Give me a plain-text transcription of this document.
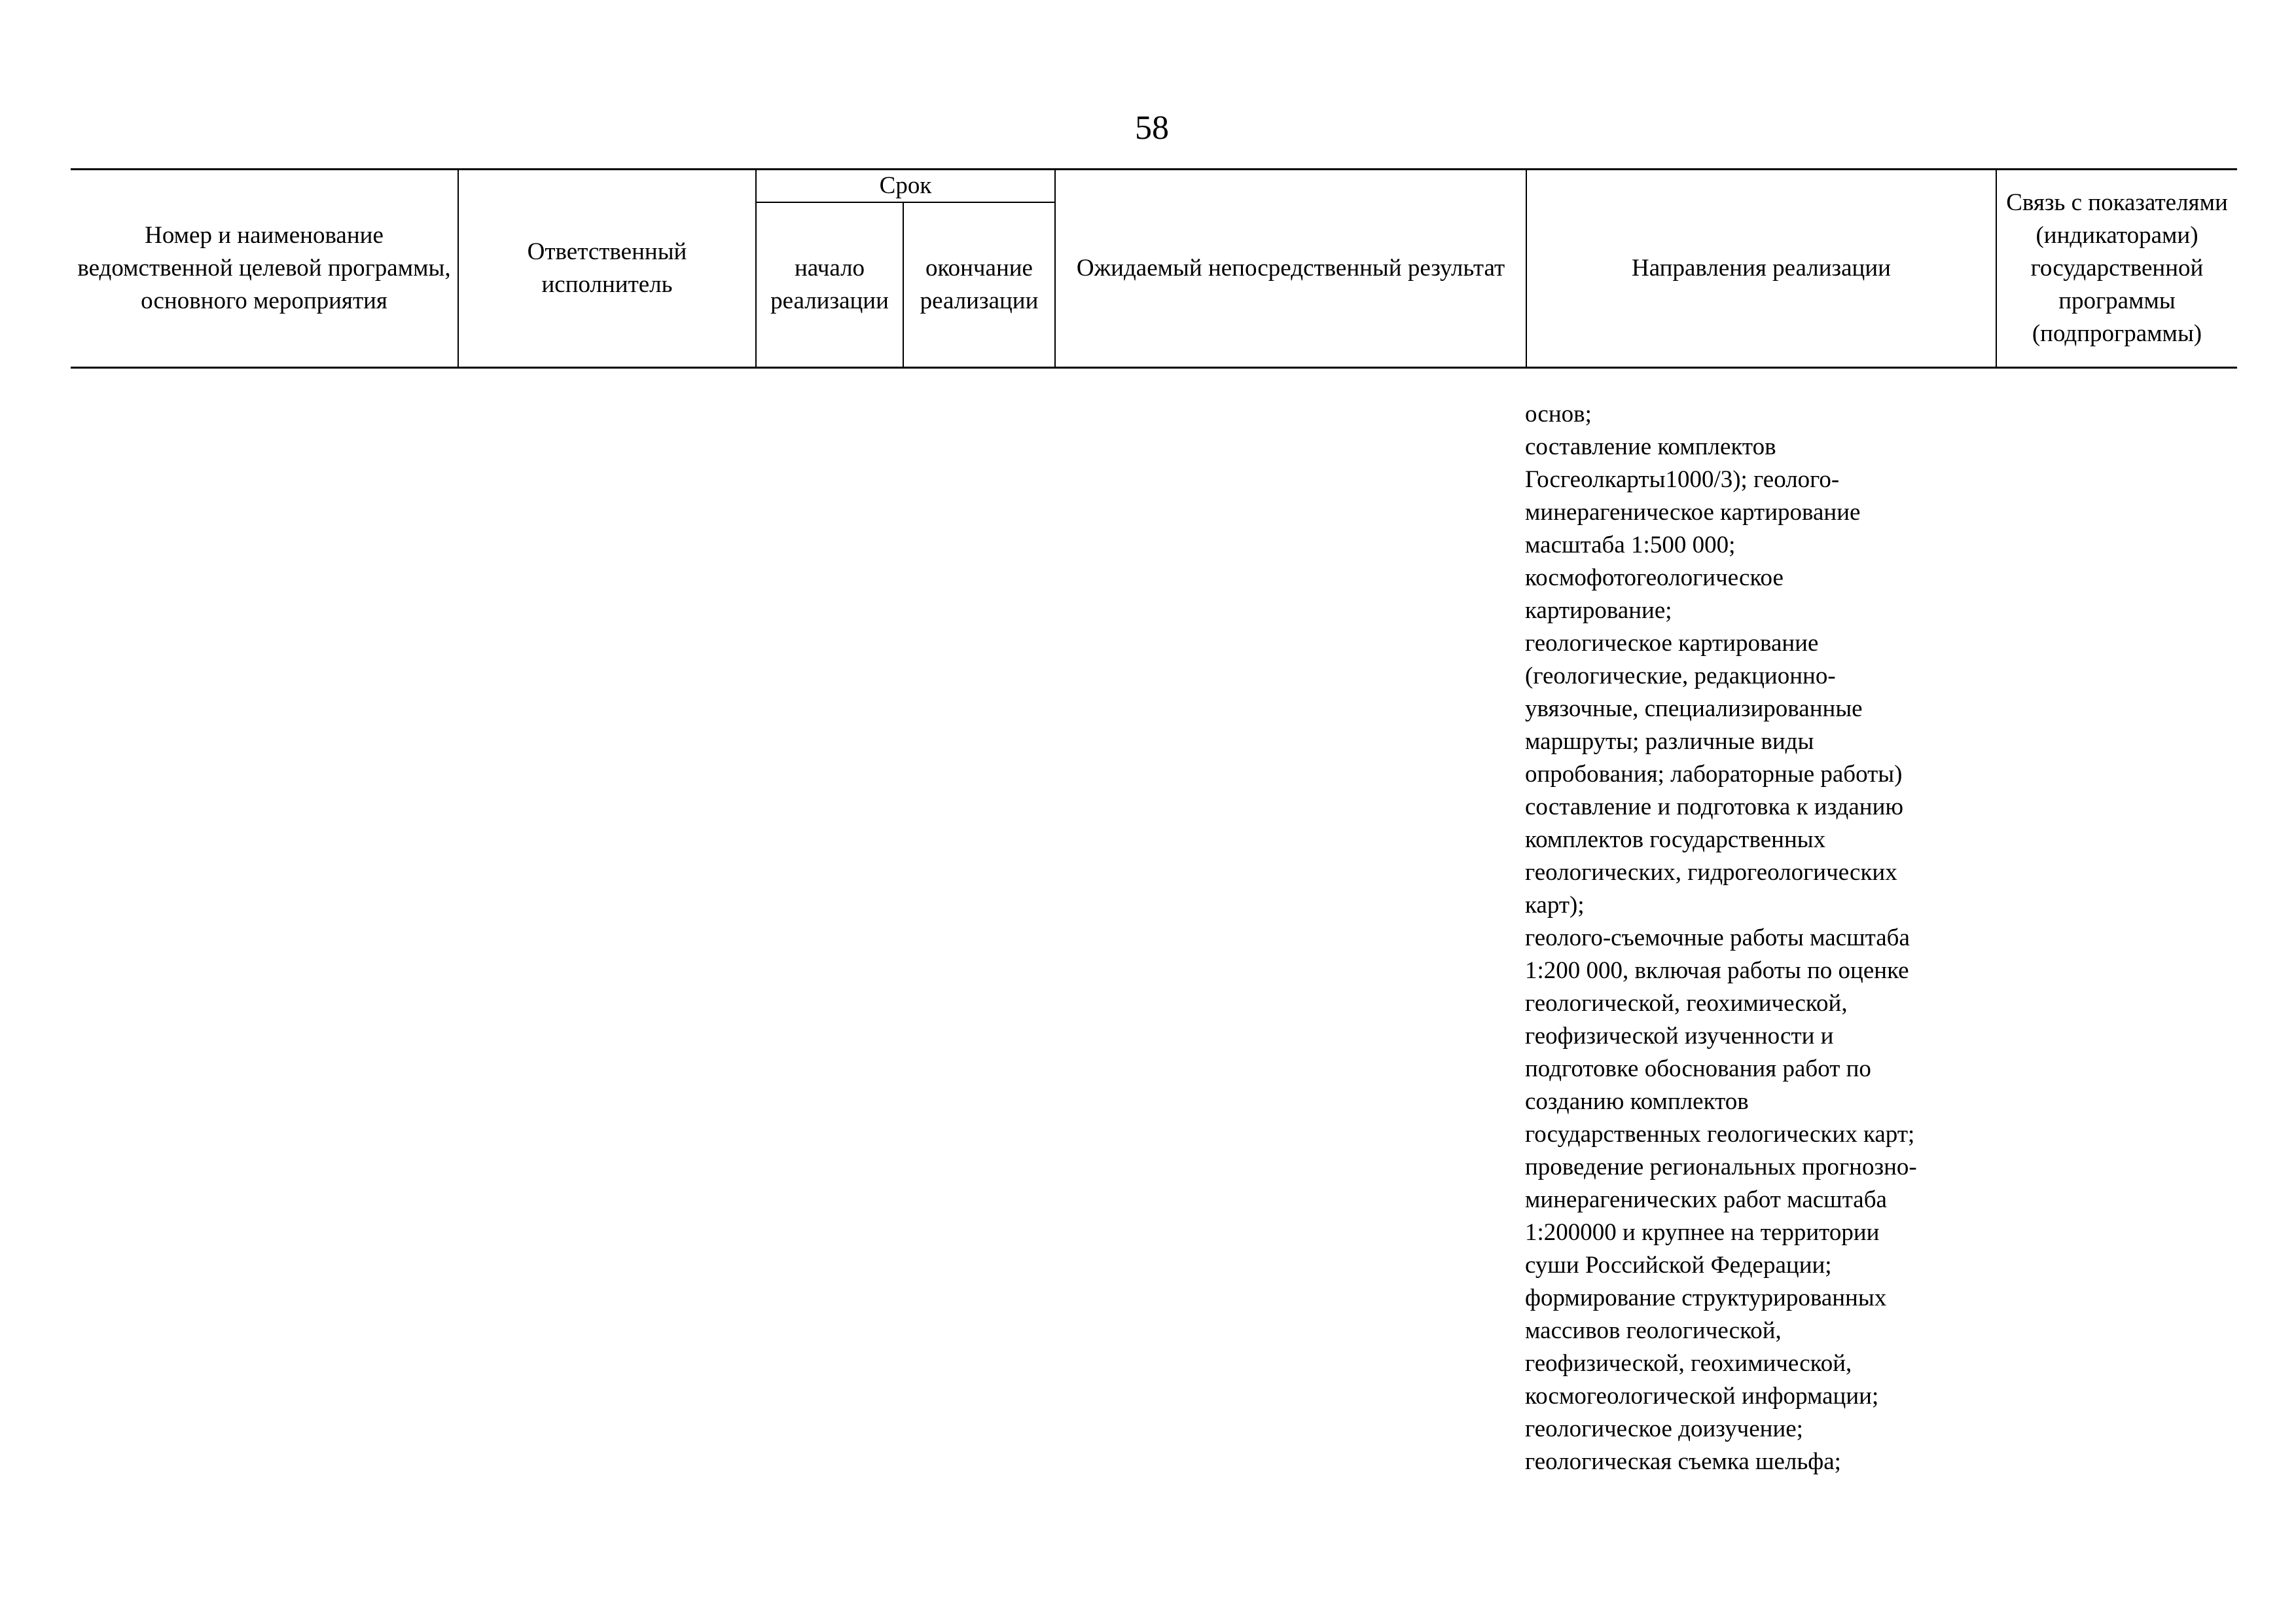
58
Номер и наименование ведомственной целевой программы, основного мероприятия	Ответственный исполнитель	Срок		Ожидаемый непосредственный результат	Направления реализации	Связь с показателями (индикаторами) государственной программы (подпрограммы)
		начало реализации	окончание реализации			
основ;
составление комплектов
Госгеолкарты1000/3); геолого-
минерагеническое картирование
масштаба 1:500 000;
космофотогеологическое
картирование;
геологическое картирование
(геологические, редакционно-
увязочные, специализированные
маршруты; различные виды
опробования; лабораторные работы)
составление и подготовка к изданию
комплектов государственных
геологических, гидрогеологических
карт);
геолого-съемочные работы масштаба
1:200 000, включая работы по оценке
геологической, геохимической,
геофизической изученности и
подготовке обоснования работ по
созданию комплектов
государственных геологических карт;
проведение региональных прогнозно-
минерагенических работ масштаба
1:200000 и крупнее на территории
суши Российской Федерации;
формирование структурированных
массивов геологической,
геофизической, геохимической,
космогеологической информации;
геологическое доизучение;
геологическая съемка шельфа;
